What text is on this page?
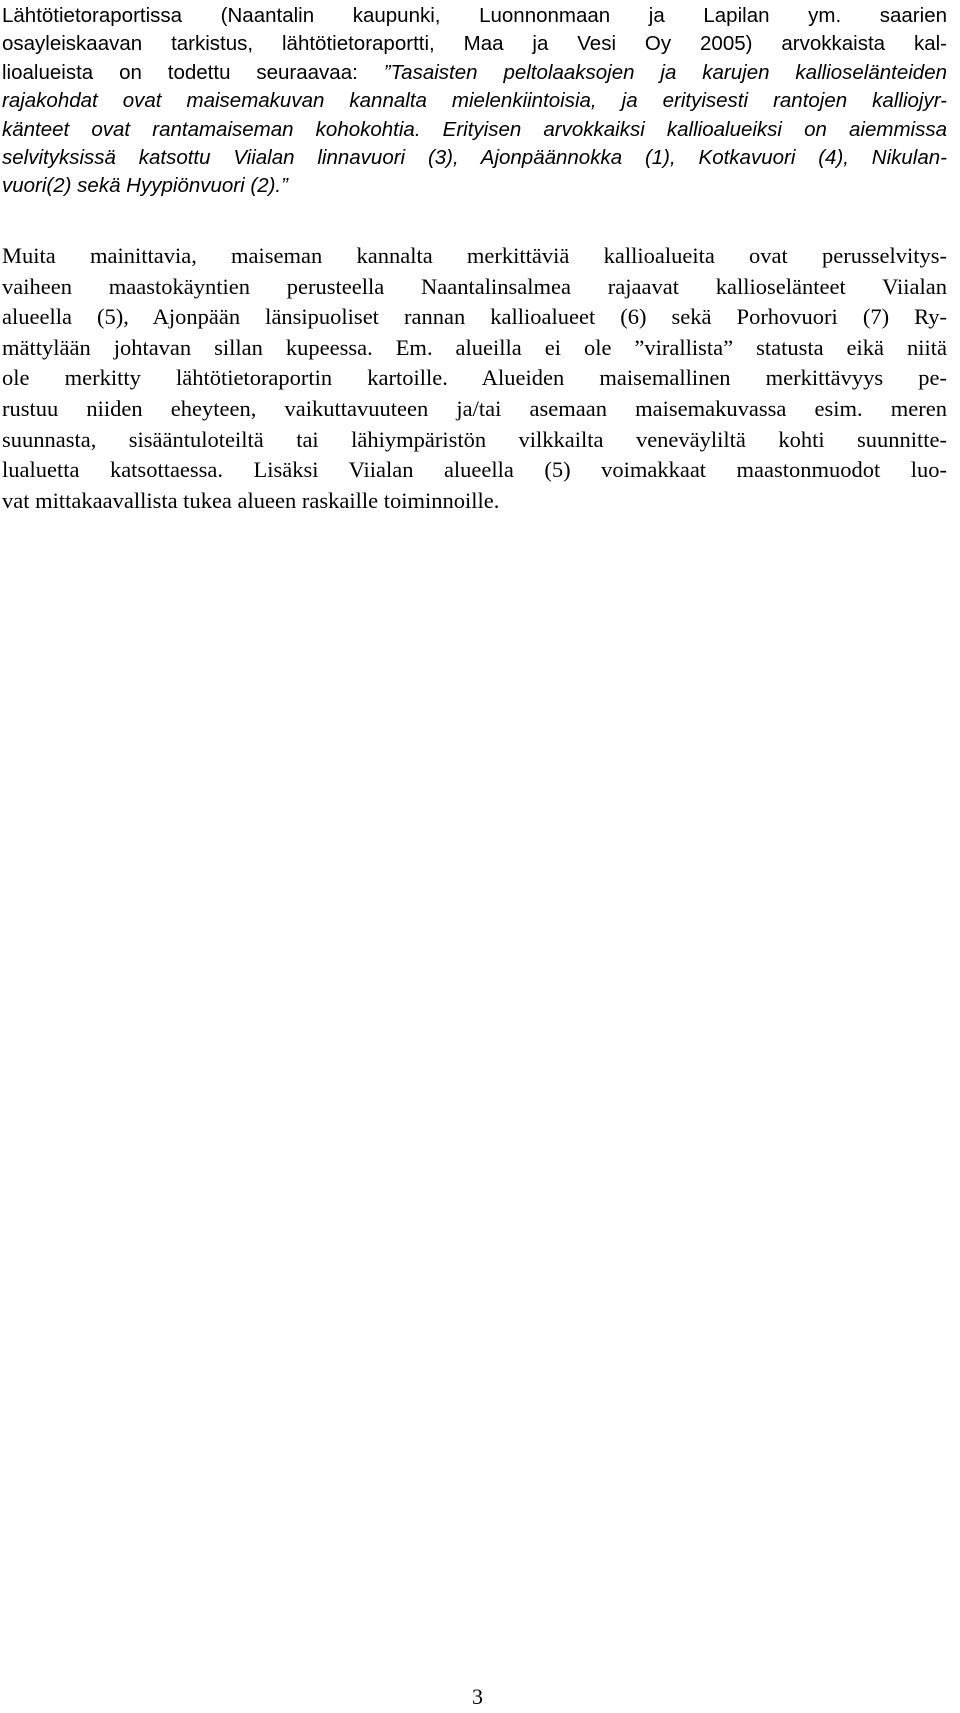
Lähtötietoraportissa (Naantalin kaupunki, Luonnonmaan ja Lapilan ym. saarien
osayleiskaavan tarkistus, lähtötietoraportti, Maa ja Vesi Oy 2005) arvokkaista kal-
lioalueista on todettu seuraavaa: ”Tasaisten peltolaaksojen ja karujen kallioselänteiden
rajakohdat ovat maisemakuvan kannalta mielenkiintoisia, ja erityisesti rantojen kalliojyr-
känteet ovat rantamaiseman kohokohtia. Erityisen arvokkaiksi kallioalueiksi on aiemmissa
selvityksissä katsottu Viialan linnavuori (3), Ajonpäännokka (1), Kotkavuori (4), Nikulan-
vuori(2) sekä Hyypiönvuori (2).”

Muita mainittavia, maiseman kannalta merkittäviä kallioalueita ovat perusselvitys-
vaiheen maastokäyntien perusteella Naantalinsalmea rajaavat kallioselänteet Viialan
alueella (5), Ajonpään länsipuoliset rannan kallioalueet (6) sekä Porhovuori (7) Ry-
mättylään johtavan sillan kupeessa. Em. alueilla ei ole ”virallista” statusta eikä niitä
ole merkitty lähtötietoraportin kartoille. Alueiden maisemallinen merkittävyys pe-
rustuu niiden eheyteen, vaikuttavuuteen ja/tai asemaan maisemakuvassa esim. meren
suunnasta, sisääntuloteiltä tai lähiympäristön vilkkailta veneväyliltä kohti suunnitte-
lualuetta katsottaessa. Lisäksi Viialan alueella (5) voimakkaat maastonmuodot luo-
vat mittakaavallista tukea alueen raskaille toiminnoille.

3
